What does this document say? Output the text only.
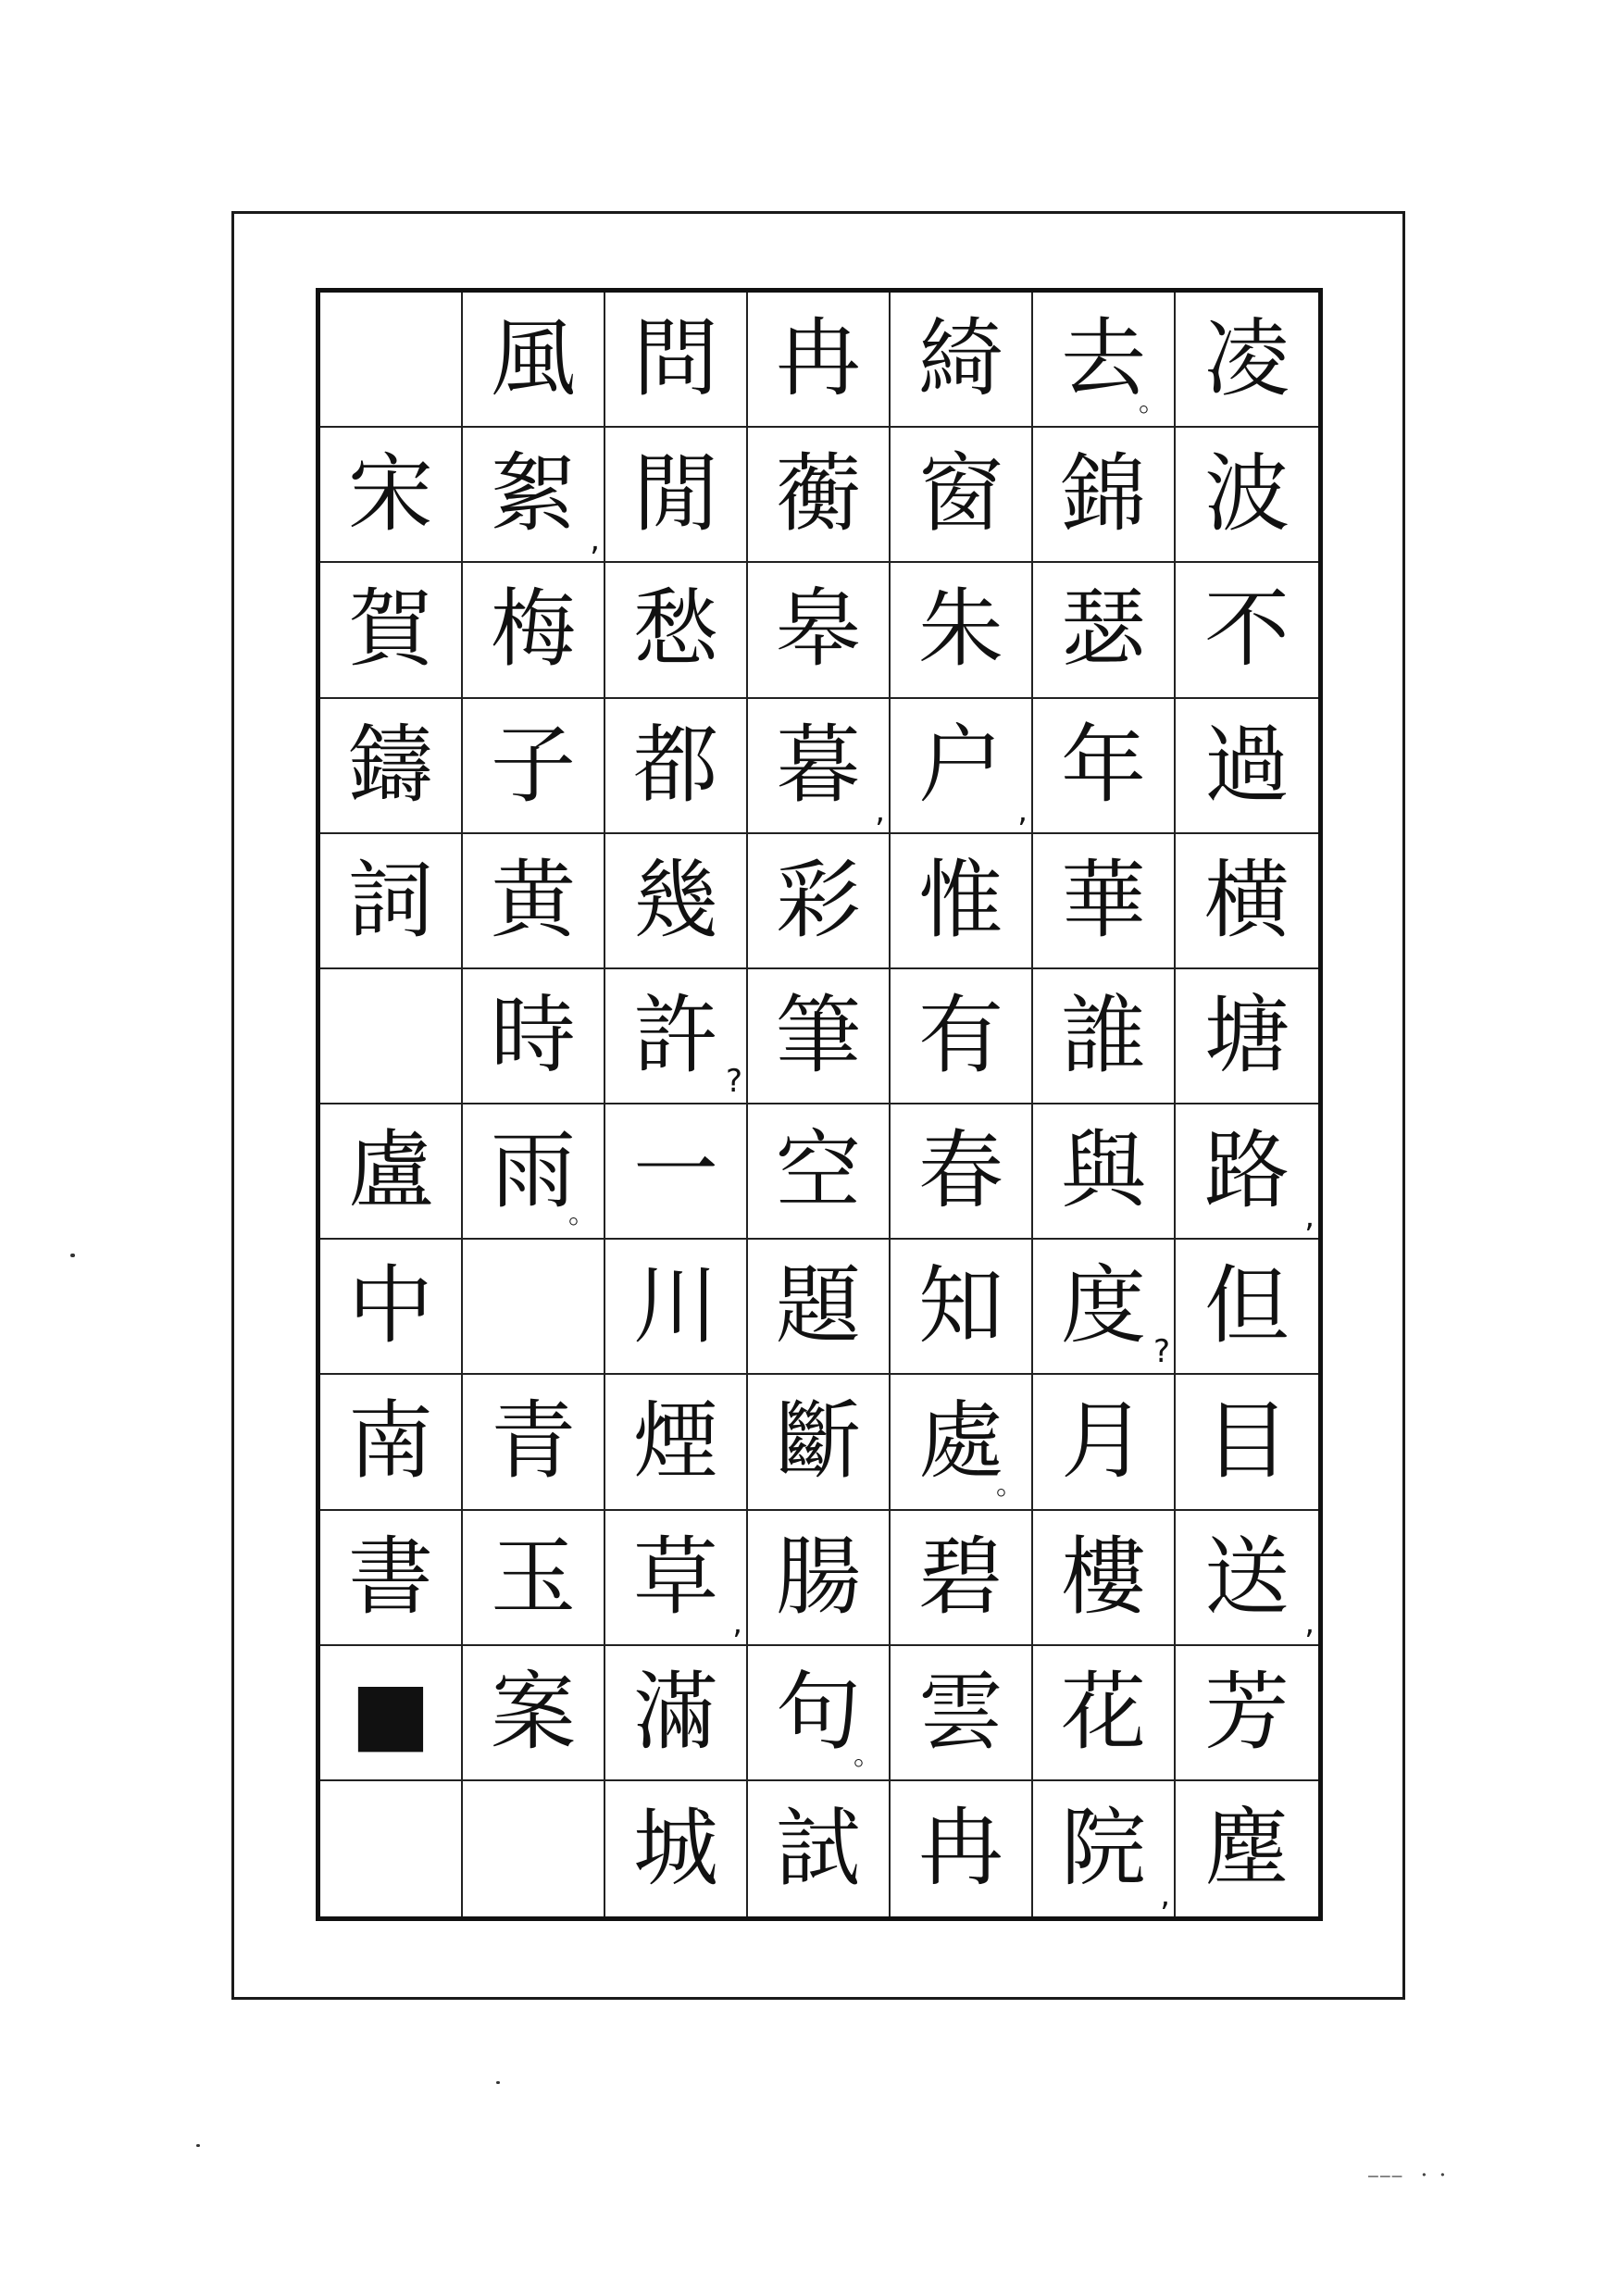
風 問 冉 綺 去
。 凌
宋 絮 , 閒 蘅 窗 錦 波
賀 梅 愁 皋 朱 瑟 不
鑄 子 都 暮 , 户 , 年 過
詞 黄 幾 彩 惟 華 横
時 許 ? 筆 有 誰 塘
盧 雨
。 一 空 春 與 路 ,
中 川 題 知 度 ? 但
南 青 煙 斷 處
。 月 目
書 玉 草 , 腸 碧 樓 送 ,
■ 案 滿 句
。 雲 花 芳
城 試 冉 院 , 塵
――― ・・
